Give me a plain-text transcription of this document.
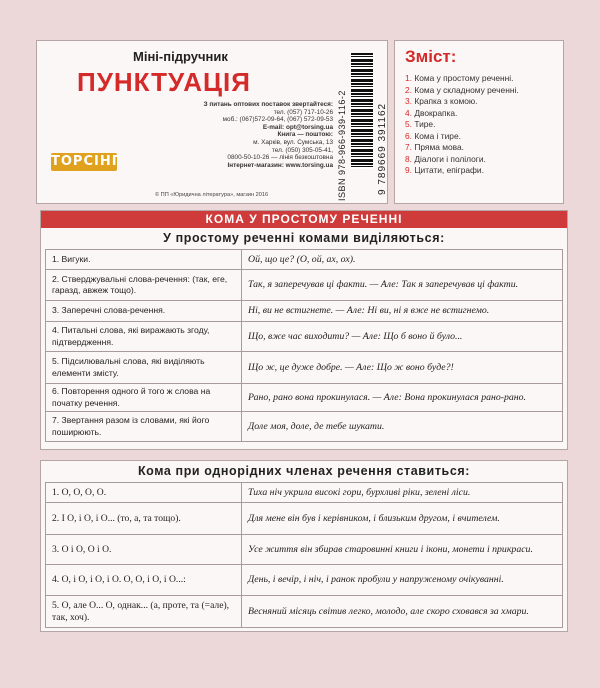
Міні-підручник
ПУНКТУАЦІЯ
З питань оптових поставок звертайтеся:
тел. (057) 717-10-26
моб.: (067)572-09-64, (067) 572-09-53
E-mail: opt@torsing.ua
Книга — поштою:
м. Харків, вул. Сумська, 13
тел. (050) 305-05-41,
0800-50-10-26 — лінія безкоштовна
Інтернет-магазин: www.torsing.ua
ТОРСІНГ
© ПП «Юридична література», магзин 2016	ISBN 978-966-939-116-2	9 789669 391162
Зміст:
1. Кома у простому реченні.
2. Кома у складному реченні.
3. Крапка з комою.
4. Двокрапка.
5. Тире.
6. Кома і тире.
7. Пряма мова.
8. Діалоги і полілоги.
9. Цитати, епіграфи.
КОМА У ПРОСТОМУ РЕЧЕННІ
У простому реченні комами виділяються:
1. Вигуки.	Ой, що це? (О, ой, ах, ох).
2. Стверджувальні слова-речення: (так, еге, гаразд, авжеж тощо).	Так, я заперечував ці факти. — Але: Так я заперечував ці факти.
3. Заперечні слова-речення.	Ні, ви не встигнете. — Але: Ні ви, ні я вже не встигнемо.
4. Питальні слова, які виражають згоду, підтвердження.	Що, вже час виходити? — Але: Що б воно й було...
5. Підсилювальні слова, які виділяють елементи змісту.	Що ж, це дуже добре. — Але: Що ж воно буде?!
6. Повторення одного й того ж слова на початку речення.	Рано, рано вона прокинулася. — Але: Вона прокинулася рано-рано.
7. Звертання разом із словами, які його поширюють.	Доле моя, доле, де тебе шукати.
Кома при однорідних членах речення ставиться:
1. O, O, O, O.	Тиха ніч укрила високі гори, бурхливі ріки, зелені ліси.
2. І О, і О, і О... (то, а, та тощо).	Для мене він був і керівником, і близьким другом, і вчителем.
3. O і O, O і O.	Усе життя він збирав старовинні книги і ікони, монети і прикраси.
4. О, і О, і О, і О. О, О, і О, і О...:	День, і вечір, і ніч, і ранок пробули у напруженому очікуванні.
5. О, але О... О, однак... (а, проте, та (=але), так, хоч).	Весняний місяць світив легко, молодо, але скоро сховався за хмари.
